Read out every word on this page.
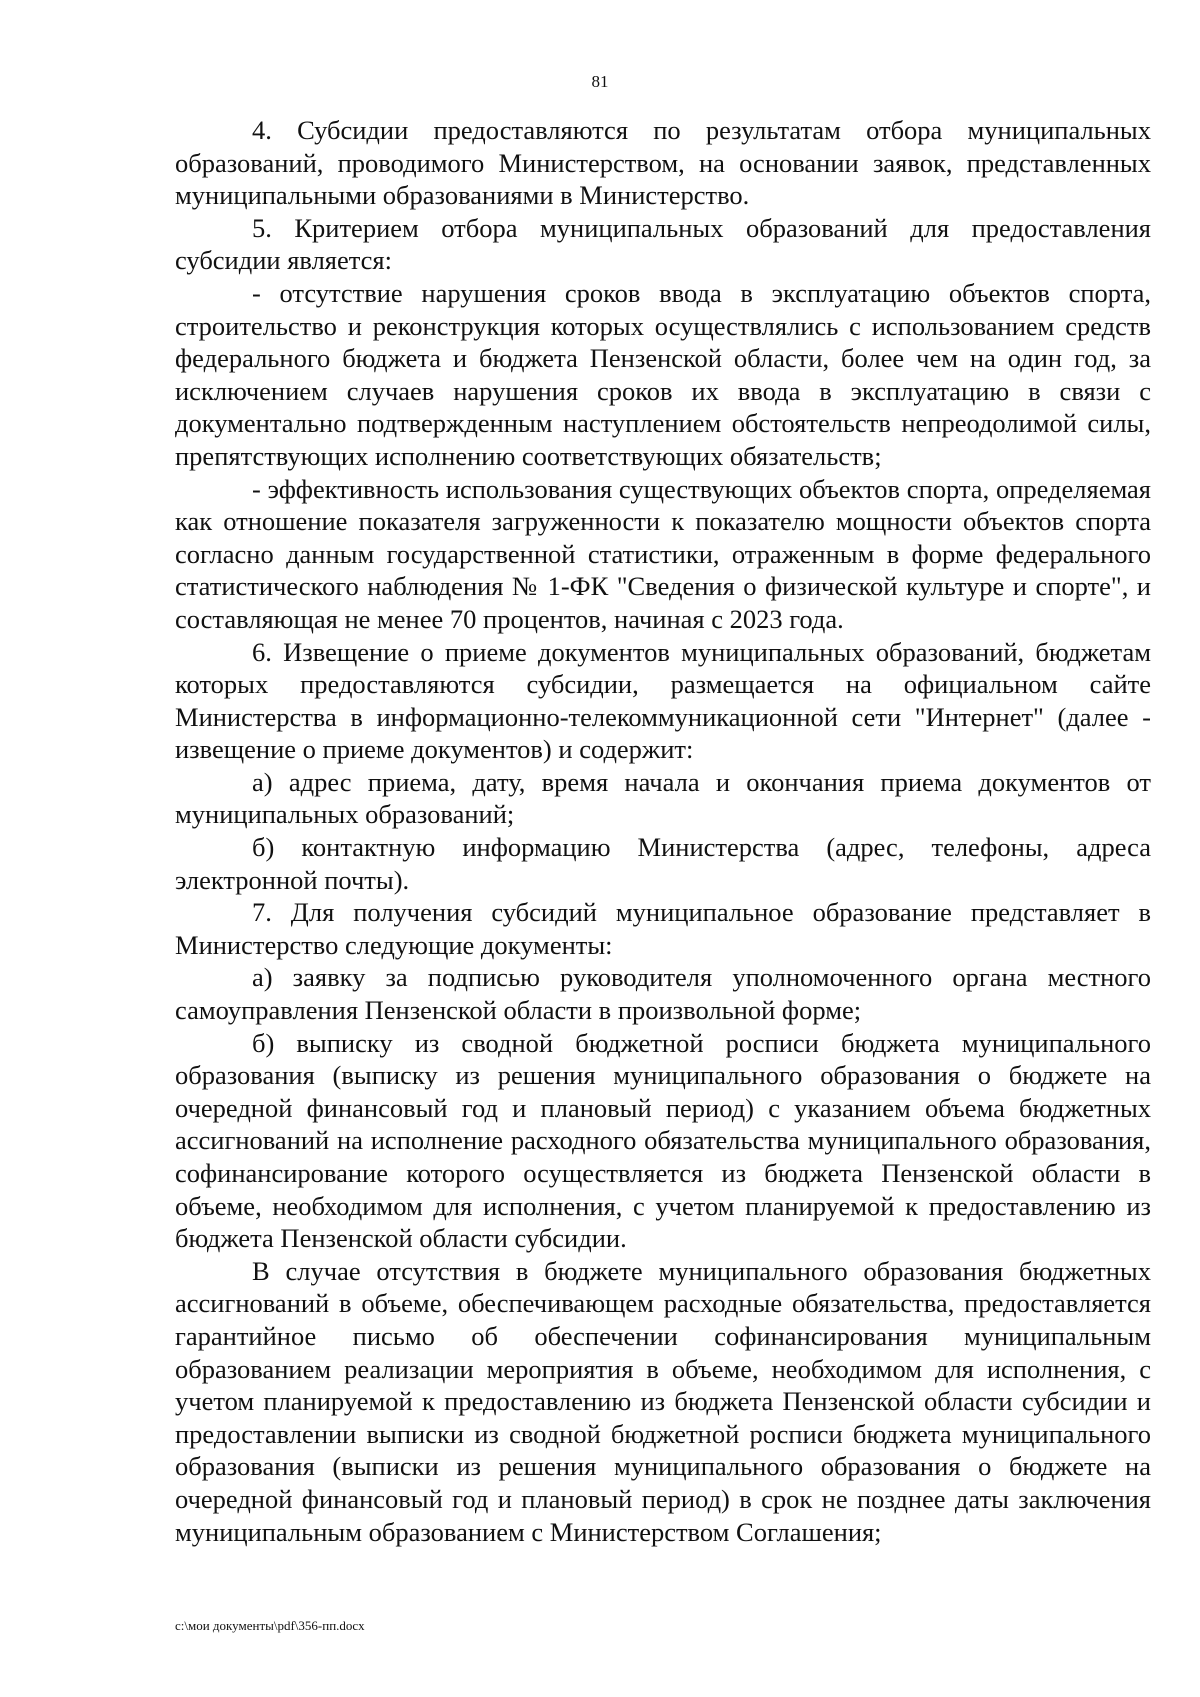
81

4. Субсидии предоставляются по результатам отбора муниципальных образований, проводимого Министерством, на основании заявок, представленных муниципальными образованиями в Министерство.

5. Критерием отбора муниципальных образований для предоставления субсидии является:

- отсутствие нарушения сроков ввода в эксплуатацию объектов спорта, строительство и реконструкция которых осуществлялись с использованием средств федерального бюджета и бюджета Пензенской области, более чем на один год, за исключением случаев нарушения сроков их ввода в эксплуатацию в связи с документально подтвержденным наступлением обстоятельств непреодолимой силы, препятствующих исполнению соответствующих обязательств;

- эффективность использования существующих объектов спорта, определяемая как отношение показателя загруженности к показателю мощности объектов спорта согласно данным государственной статистики, отраженным в форме федерального статистического наблюдения № 1-ФК "Сведения о физической культуре и спорте", и составляющая не менее 70 процентов, начиная с 2023 года.

6. Извещение о приеме документов муниципальных образований, бюджетам которых предоставляются субсидии, размещается на официальном сайте Министерства в информационно-телекоммуникационной сети "Интернет" (далее - извещение о приеме документов) и содержит:

а) адрес приема, дату, время начала и окончания приема документов от муниципальных образований;

б) контактную информацию Министерства (адрес, телефоны, адреса электронной почты).

7. Для получения субсидий муниципальное образование представляет в Министерство следующие документы:

а) заявку за подписью руководителя уполномоченного органа местного самоуправления Пензенской области в произвольной форме;

б) выписку из сводной бюджетной росписи бюджета муниципального образования (выписку из решения муниципального образования о бюджете на очередной финансовый год и плановый период) с указанием объема бюджетных ассигнований на исполнение расходного обязательства муниципального образования, софинансирование которого осуществляется из бюджета Пензенской области в объеме, необходимом для исполнения, с учетом планируемой к предоставлению из бюджета Пензенской области субсидии.

В случае отсутствия в бюджете муниципального образования бюджетных ассигнований в объеме, обеспечивающем расходные обязательства, предоставляется гарантийное письмо об обеспечении софинансирования муниципальным образованием реализации мероприятия в объеме, необходимом для исполнения, с учетом планируемой к предоставлению из бюджета Пензенской области субсидии и предоставлении выписки из сводной бюджетной росписи бюджета муниципального образования (выписки из решения муниципального образования о бюджете на очередной финансовый год и плановый период) в срок не позднее даты заключения муниципальным образованием с Министерством Соглашения;

c:\мои документы\pdf\356-пп.docx
